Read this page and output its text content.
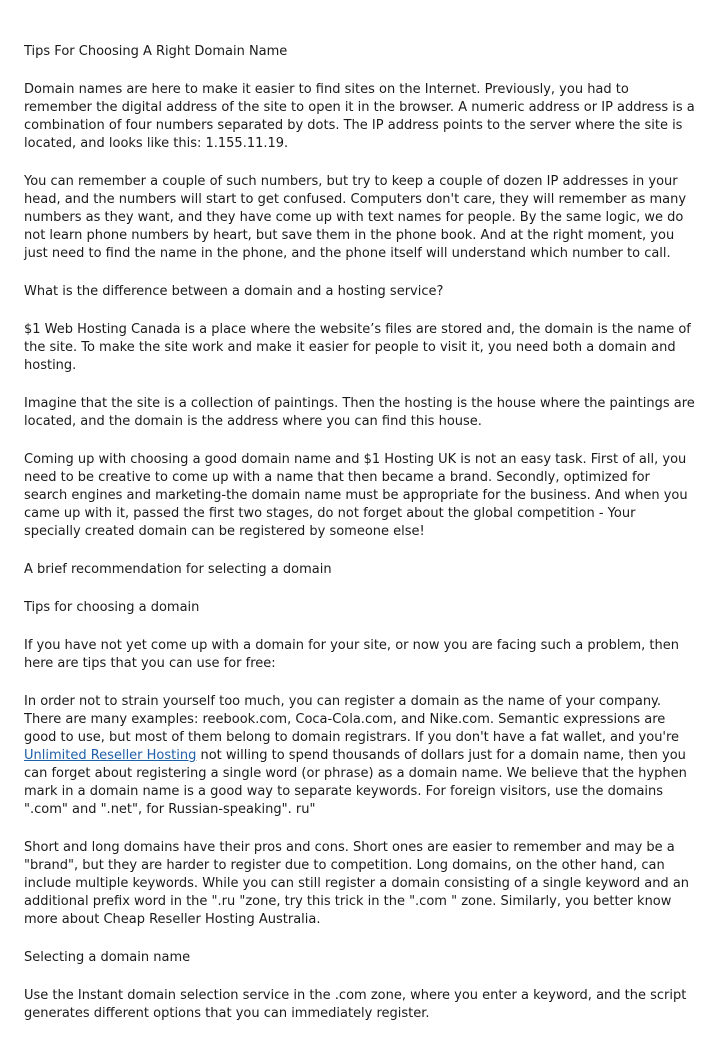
Tips For Choosing A Right Domain Name

Domain names are here to make it easier to find sites on the Internet. Previously, you had to remember the digital address of the site to open it in the browser. A numeric address or IP address is a combination of four numbers separated by dots. The IP address points to the server where the site is located, and looks like this: 1.155.11.19.

You can remember a couple of such numbers, but try to keep a couple of dozen IP addresses in your head, and the numbers will start to get confused. Computers don't care, they will remember as many numbers as they want, and they have come up with text names for people. By the same logic, we do not learn phone numbers by heart, but save them in the phone book. And at the right moment, you just need to find the name in the phone, and the phone itself will understand which number to call.

What is the difference between a domain and a hosting service?

$1 Web Hosting Canada is a place where the website’s files are stored and, the domain is the name of the site. To make the site work and make it easier for people to visit it, you need both a domain and hosting.

Imagine that the site is a collection of paintings. Then the hosting is the house where the paintings are located, and the domain is the address where you can find this house.

Coming up with choosing a good domain name and $1 Hosting UK is not an easy task. First of all, you need to be creative to come up with a name that then became a brand. Secondly, optimized for search engines and marketing-the domain name must be appropriate for the business. And when you came up with it, passed the first two stages, do not forget about the global competition - Your specially created domain can be registered by someone else!

A brief recommendation for selecting a domain

Tips for choosing a domain

If you have not yet come up with a domain for your site, or now you are facing such a problem, then here are tips that you can use for free:

In order not to strain yourself too much, you can register a domain as the name of your company. There are many examples: reebook.com, Coca-Cola.com, and Nike.com. Semantic expressions are good to use, but most of them belong to domain registrars. If you don't have a fat wallet, and you're Unlimited Reseller Hosting not willing to spend thousands of dollars just for a domain name, then you can forget about registering a single word (or phrase) as a domain name. We believe that the hyphen mark in a domain name is a good way to separate keywords. For foreign visitors, use the domains ".com" and ".net", for Russian-speaking". ru"

Short and long domains have their pros and cons. Short ones are easier to remember and may be a "brand", but they are harder to register due to competition. Long domains, on the other hand, can include multiple keywords. While you can still register a domain consisting of a single keyword and an additional prefix word in the ".ru "zone, try this trick in the ".com " zone. Similarly, you better know more about Cheap Reseller Hosting Australia.

Selecting a domain name

Use the Instant domain selection service in the .com zone, where you enter a keyword, and the script generates different options that you can immediately register.
